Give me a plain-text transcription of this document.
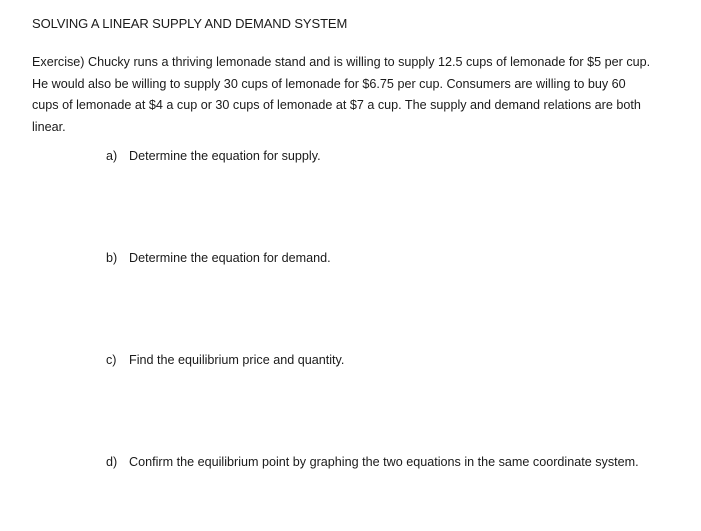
SOLVING A LINEAR SUPPLY AND DEMAND SYSTEM
Exercise) Chucky runs a thriving lemonade stand and is willing to supply 12.5 cups of lemonade for $5 per cup. He would also be willing to supply 30 cups of lemonade for $6.75 per cup. Consumers are willing to buy 60 cups of lemonade at $4 a cup or 30 cups of lemonade at $7 a cup. The supply and demand relations are both linear.
a) Determine the equation for supply.
b) Determine the equation for demand.
c) Find the equilibrium price and quantity.
d) Confirm the equilibrium point by graphing the two equations in the same coordinate system.
